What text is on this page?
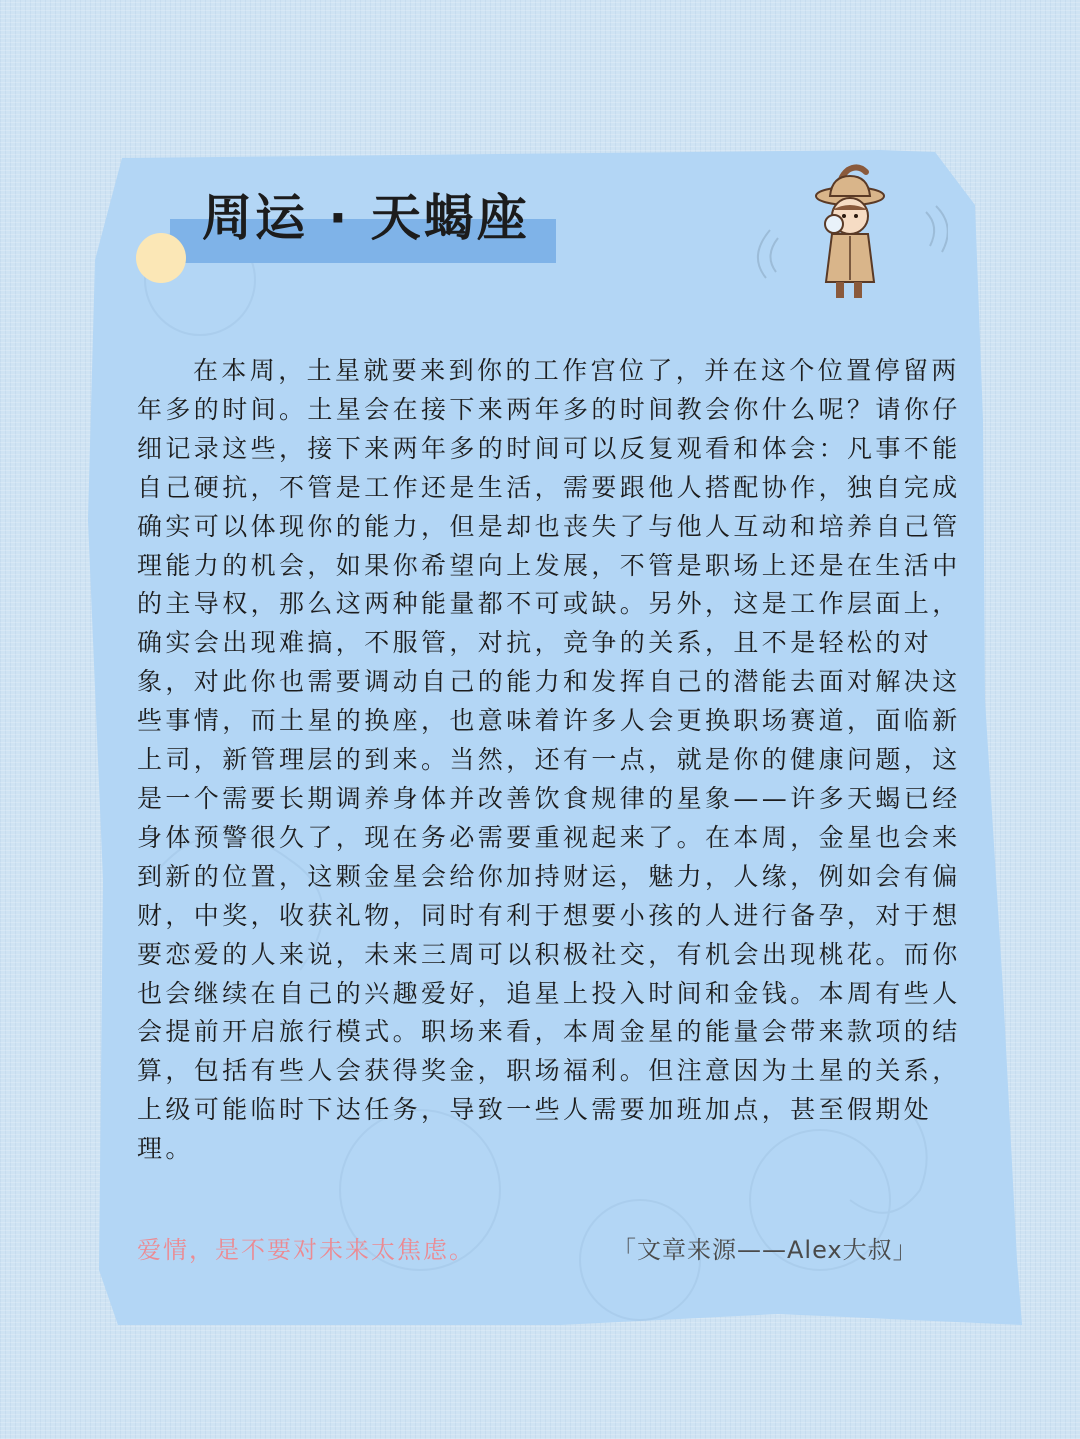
周运 · 天蝎座

在本周，土星就要来到你的工作宫位了，并在这个位置停留两年多的时间。土星会在接下来两年多的时间教会你什么呢？请你仔细记录这些，接下来两年多的时间可以反复观看和体会：凡事不能自己硬抗，不管是工作还是生活，需要跟他人搭配协作，独自完成确实可以体现你的能力，但是却也丧失了与他人互动和培养自己管理能力的机会，如果你希望向上发展，不管是职场上还是在生活中的主导权，那么这两种能量都不可或缺。另外，这是工作层面上，确实会出现难搞，不服管，对抗，竞争的关系，且不是轻松的对象，对此你也需要调动自己的能力和发挥自己的潜能去面对解决这些事情，而土星的换座，也意味着许多人会更换职场赛道，面临新上司，新管理层的到来。当然，还有一点，就是你的健康问题，这是一个需要长期调养身体并改善饮食规律的星象——许多天蝎已经身体预警很久了，现在务必需要重视起来了。在本周，金星也会来到新的位置，这颗金星会给你加持财运，魅力，人缘，例如会有偏财，中奖，收获礼物，同时有利于想要小孩的人进行备孕，对于想要恋爱的人来说，未来三周可以积极社交，有机会出现桃花。而你也会继续在自己的兴趣爱好，追星上投入时间和金钱。本周有些人会提前开启旅行模式。职场来看，本周金星的能量会带来款项的结算，包括有些人会获得奖金，职场福利。但注意因为土星的关系，上级可能临时下达任务，导致一些人需要加班加点，甚至假期处理。

爱情，是不要对未来太焦虑。	「文章来源——Alex大叔」
